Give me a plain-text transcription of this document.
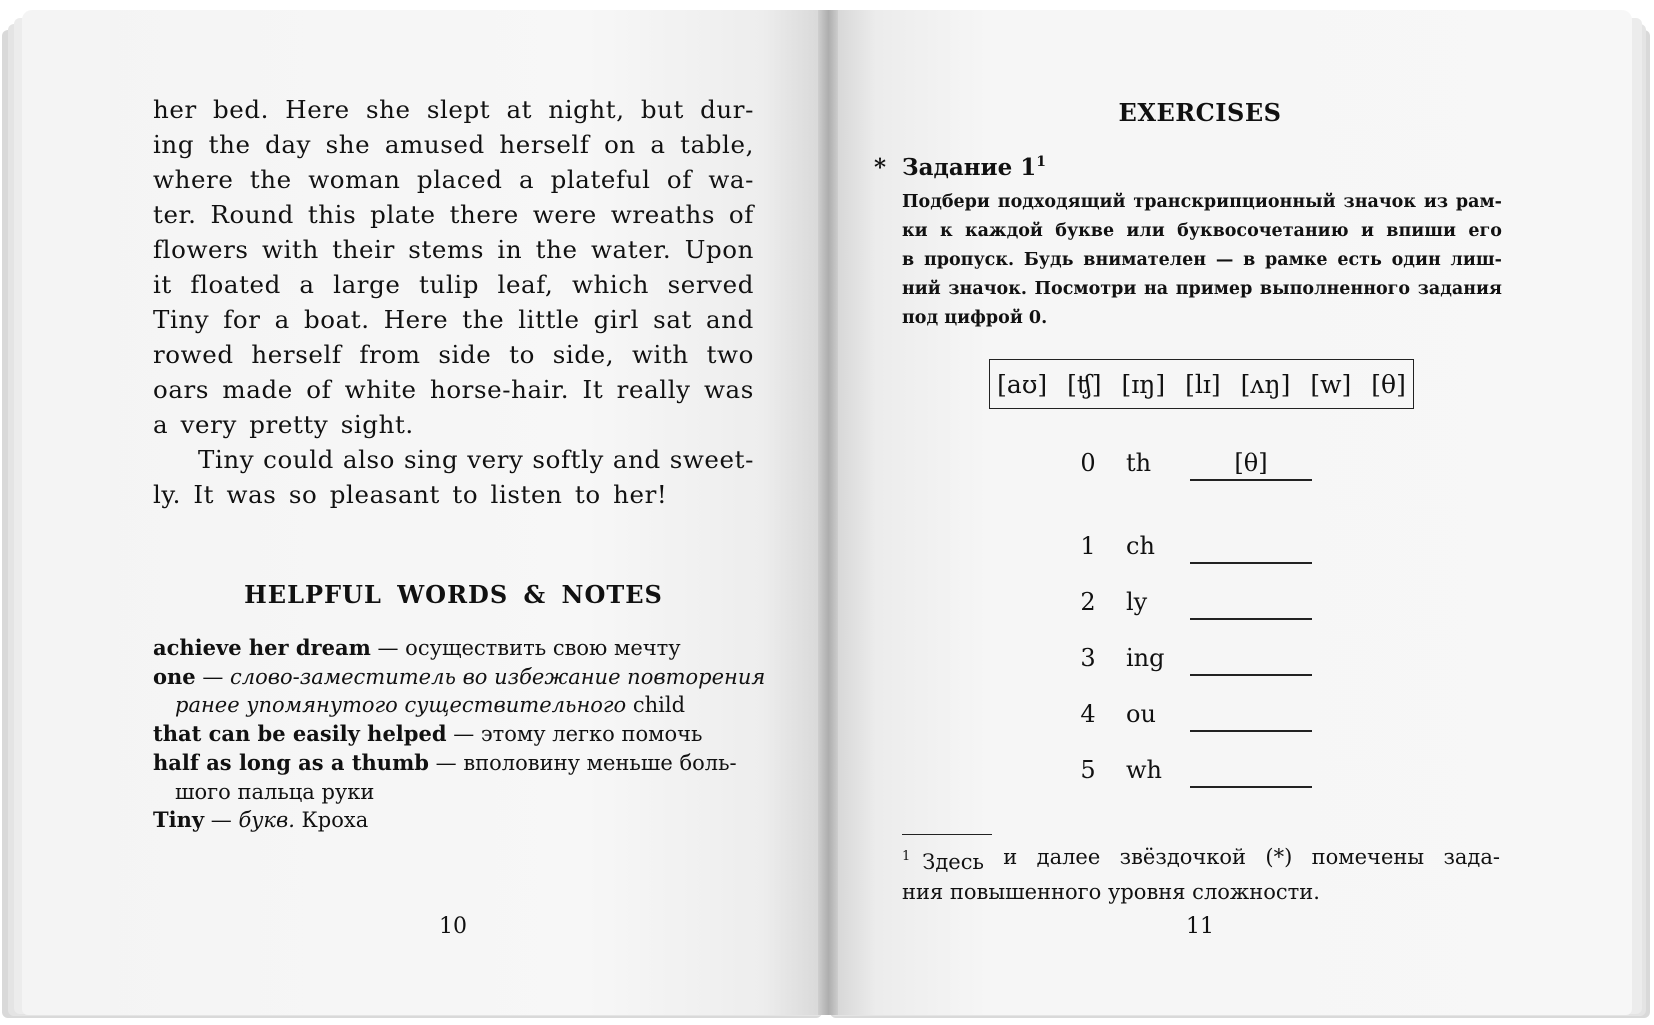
her bed. Here she slept at night, but dur-
ing the day she amused herself on a table,
where the woman placed a plateful of wa-
ter. Round this plate there were wreaths of
flowers with their stems in the water. Upon
it floated a large tulip leaf, which served
Tiny for a boat. Here the little girl sat and
rowed herself from side to side, with two
oars made of white horse-hair. It really was
a very pretty sight.
Tiny could also sing very softly and sweet-
ly. It was so pleasant to listen to her!
HELPFUL WORDS & NOTES
achieve her dream — осуществить свою мечту
one — слово-заместитель во избежание повторения
ранее упомянутого существительного child
that can be easily helped — этому легко помочь
half as long as a thumb — вполовину меньше боль-
шого пальца руки
Tiny — букв. Кроха
10
EXERCISES
* Задание $1^1$
Подбери подходящий транскрипционный значок из рам-
ки к каждой букве или буквосочетанию и впиши его
в пропуск. Будь внимателен — в рамке есть один лиш-
ний значок. Посмотри на пример выполненного задания
под цифрой 0.
[aʊ] [ʧ] [ɪŋ] [lɪ] [ʌŋ] [w] [θ]
0 th	[θ]
1 ch
2 ly
3 ing
4 ou
5 wh
$^1$ Здесь и далее звёздочкой (*) помечены зада-
ния повышенного уровня сложности.
11
